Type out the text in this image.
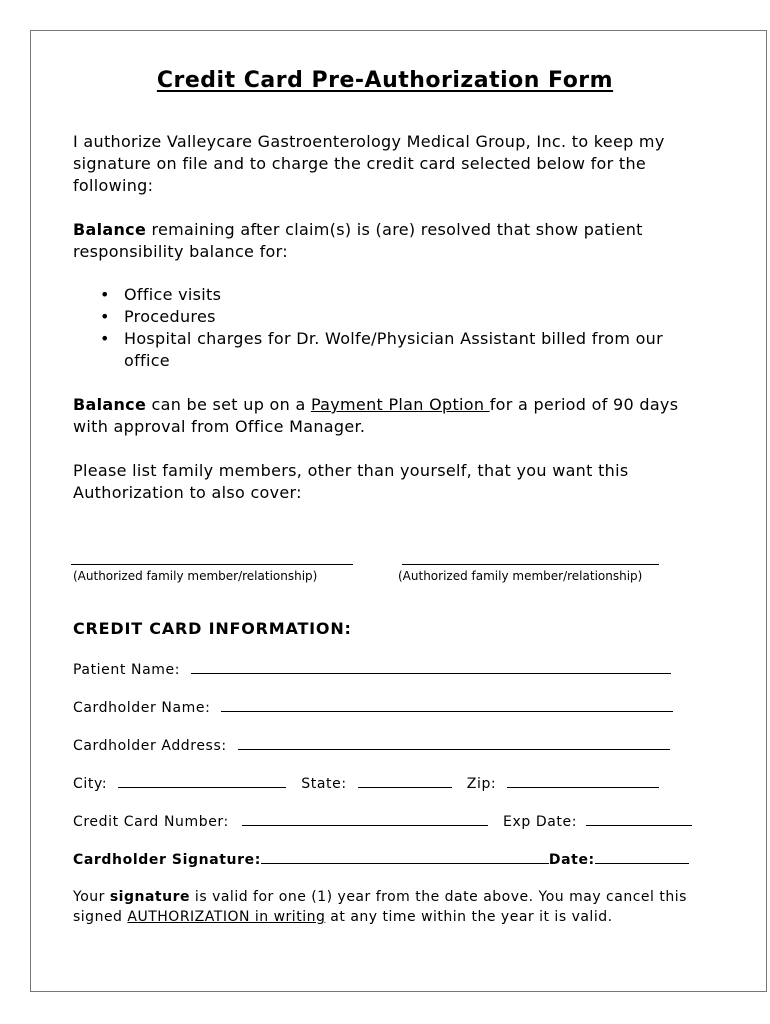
Credit Card Pre-Authorization Form

I authorize Valleycare Gastroenterology Medical Group, Inc. to keep my signature on file and to charge the credit card selected below for the following:

Balance remaining after claim(s) is (are) resolved that show patient responsibility balance for:

• Office visits
• Procedures
• Hospital charges for Dr. Wolfe/Physician Assistant billed from our office

Balance can be set up on a Payment Plan Option for a period of 90 days with approval from Office Manager.

Please list family members, other than yourself, that you want this Authorization to also cover:

(Authorized family member/relationship)	(Authorized family member/relationship)
CREDIT CARD INFORMATION:
Patient Name:
Cardholder Name:
Cardholder Address:
City:	State:	Zip:
Credit Card Number:	Exp Date:
Cardholder Signature:	Date:

Your signature is valid for one (1) year from the date above. You may cancel this signed AUTHORIZATION in writing at any time within the year it is valid.
